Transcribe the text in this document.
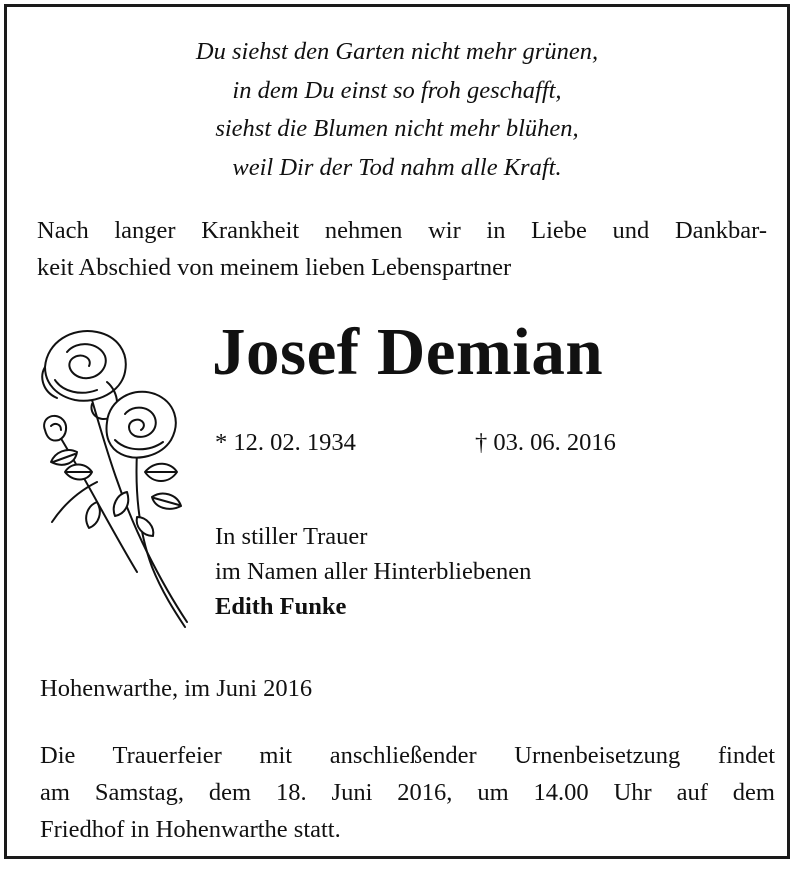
Du siehst den Garten nicht mehr grünen,
in dem Du einst so froh geschafft,
siehst die Blumen nicht mehr blühen,
weil Dir der Tod nahm alle Kraft.
Nach langer Krankheit nehmen wir in Liebe und Dankbar-
keit Abschied von meinem lieben Lebenspartner
Josef Demian
* 12. 02. 1934	† 03. 06. 2016
In stiller Trauer
im Namen aller Hinterbliebenen
Edith Funke
Hohenwarthe, im Juni 2016
Die Trauerfeier mit anschließender Urnenbeisetzung findet
am Samstag, dem 18. Juni 2016, um 14.00 Uhr auf dem
Friedhof in Hohenwarthe statt.
